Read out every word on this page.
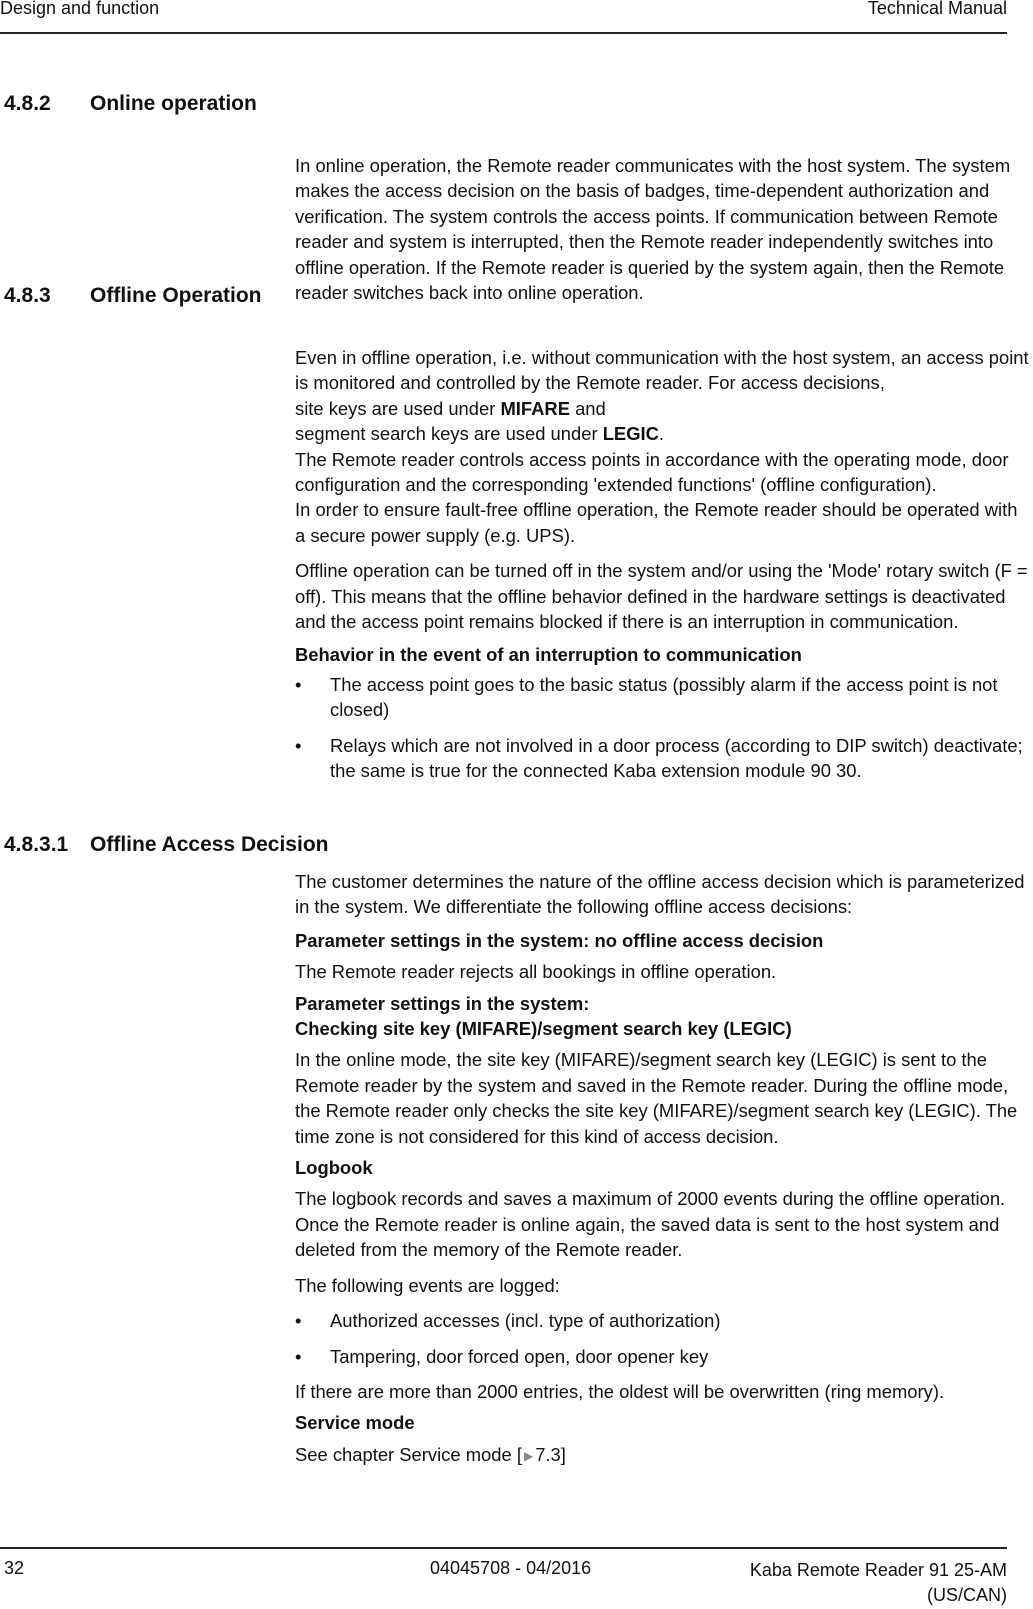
Design and function	Technical Manual
4.8.2 Online operation

In online operation, the Remote reader communicates with the host system. The system makes the access decision on the basis of badges, time-dependent authorization and verification. The system controls the access points. If communication between Remote reader and system is interrupted, then the Remote reader independently switches into offline operation. If the Remote reader is queried by the system again, then the Remote reader switches back into online operation.

4.8.3 Offline Operation

Even in offline operation, i.e. without communication with the host system, an access point is monitored and controlled by the Remote reader. For access decisions,

site keys are used under MIFARE and

segment search keys are used under LEGIC.

The Remote reader controls access points in accordance with the operating mode, door configuration and the corresponding 'extended functions' (offline configuration).

In order to ensure fault-free offline operation, the Remote reader should be operated with a secure power supply (e.g. UPS).

Offline operation can be turned off in the system and/or using the 'Mode' rotary switch (F = off). This means that the offline behavior defined in the hardware settings is deactivated and the access point remains blocked if there is an interruption in communication.

Behavior in the event of an interruption to communication

• The access point goes to the basic status (possibly alarm if the access point is not closed)
• Relays which are not involved in a door process (according to DIP switch) deactivate; the same is true for the connected Kaba extension module 90 30.
4.8.3.1 Offline Access Decision

The customer determines the nature of the offline access decision which is parameterized in the system. We differentiate the following offline access decisions:

Parameter settings in the system: no offline access decision

The Remote reader rejects all bookings in offline operation.

Parameter settings in the system:

Checking site key (MIFARE)/segment search key (LEGIC)

In the online mode, the site key (MIFARE)/segment search key (LEGIC) is sent to the Remote reader by the system and saved in the Remote reader. During the offline mode, the Remote reader only checks the site key (MIFARE)/segment search key (LEGIC). The time zone is not considered for this kind of access decision.

Logbook

The logbook records and saves a maximum of 2000 events during the offline operation. Once the Remote reader is online again, the saved data is sent to the host system and deleted from the memory of the Remote reader.

The following events are logged:

• Authorized accesses (incl. type of authorization)
• Tampering, door forced open, door opener key

If there are more than 2000 entries, the oldest will be overwritten (ring memory).

Service mode

See chapter Service mode [ ▶ 7.3]

32	04045708 - 04/2016	Kaba Remote Reader 91 25-AM (US/CAN)
